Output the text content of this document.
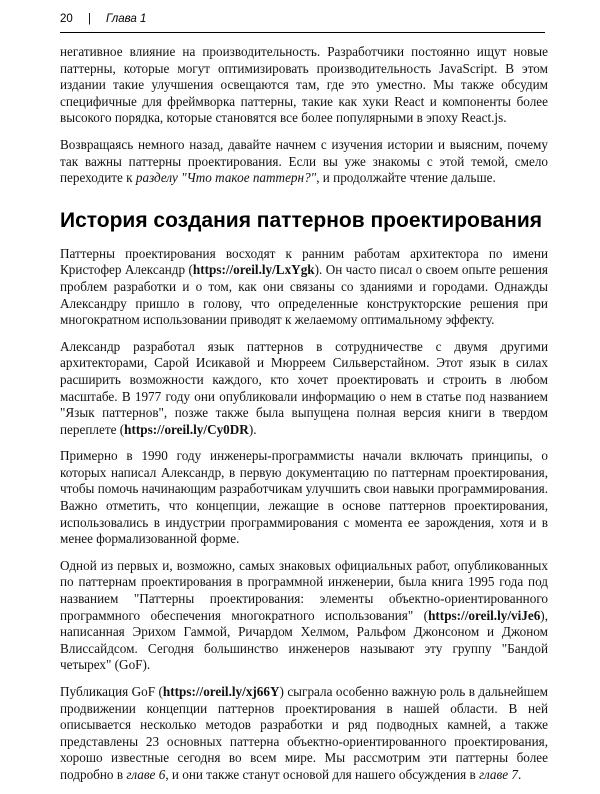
20 | Глава 1

негативное влияние на производительность. Разработчики постоянно ищут новые паттерны, которые могут оптимизировать производительность JavaScript. В этом издании такие улучшения освещаются там, где это уместно. Мы также обсудим специфичные для фреймворка паттерны, такие как хуки React и компоненты более высокого порядка, которые становятся все более популярными в эпоху React.js.

Возвращаясь немного назад, давайте начнем с изучения истории и выясним, почему так важны паттерны проектирования. Если вы уже знакомы с этой темой, смело переходите к разделу "Что такое паттерн?", и продолжайте чтение дальше.

История создания паттернов проектирования

Паттерны проектирования восходят к ранним работам архитектора по имени Кристофер Александр (https://oreil.ly/LxYgk). Он часто писал о своем опыте решения проблем разработки и о том, как они связаны со зданиями и городами. Однажды Александру пришло в голову, что определенные конструкторские решения при многократном использовании приводят к желаемому оптимальному эффекту.

Александр разработал язык паттернов в сотрудничестве с двумя другими архитекторами, Сарой Исикавой и Мюрреем Сильверстайном. Этот язык в силах расширить возможности каждого, кто хочет проектировать и строить в любом масштабе. В 1977 году они опубликовали информацию о нем в статье под названием "Язык паттернов", позже также была выпущена полная версия книги в твердом переплете (https://oreil.ly/Cy0DR).

Примерно в 1990 году инженеры-программисты начали включать принципы, о которых написал Александр, в первую документацию по паттернам проектирования, чтобы помочь начинающим разработчикам улучшить свои навыки программирования. Важно отметить, что концепции, лежащие в основе паттернов проектирования, использовались в индустрии программирования с момента ее зарождения, хотя и в менее формализованной форме.

Одной из первых и, возможно, самых знаковых официальных работ, опубликованных по паттернам проектирования в программной инженерии, была книга 1995 года под названием "Паттерны проектирования: элементы объектно-ориентированного программного обеспечения многократного использования" (https://oreil.ly/viJe6), написанная Эрихом Гаммой, Ричардом Хелмом, Ральфом Джонсоном и Джоном Влиссайдсом. Сегодня большинство инженеров называют эту группу "Бандой четырех" (GoF).

Публикация GoF (https://oreil.ly/xj66Y) сыграла особенно важную роль в дальнейшем продвижении концепции паттернов проектирования в нашей области. В ней описывается несколько методов разработки и ряд подводных камней, а также представлены 23 основных паттерна объектно-ориентированного проектирования, хорошо известные сегодня во всем мире. Мы рассмотрим эти паттерны более подробно в главе 6, и они также станут основой для нашего обсуждения в главе 7.
